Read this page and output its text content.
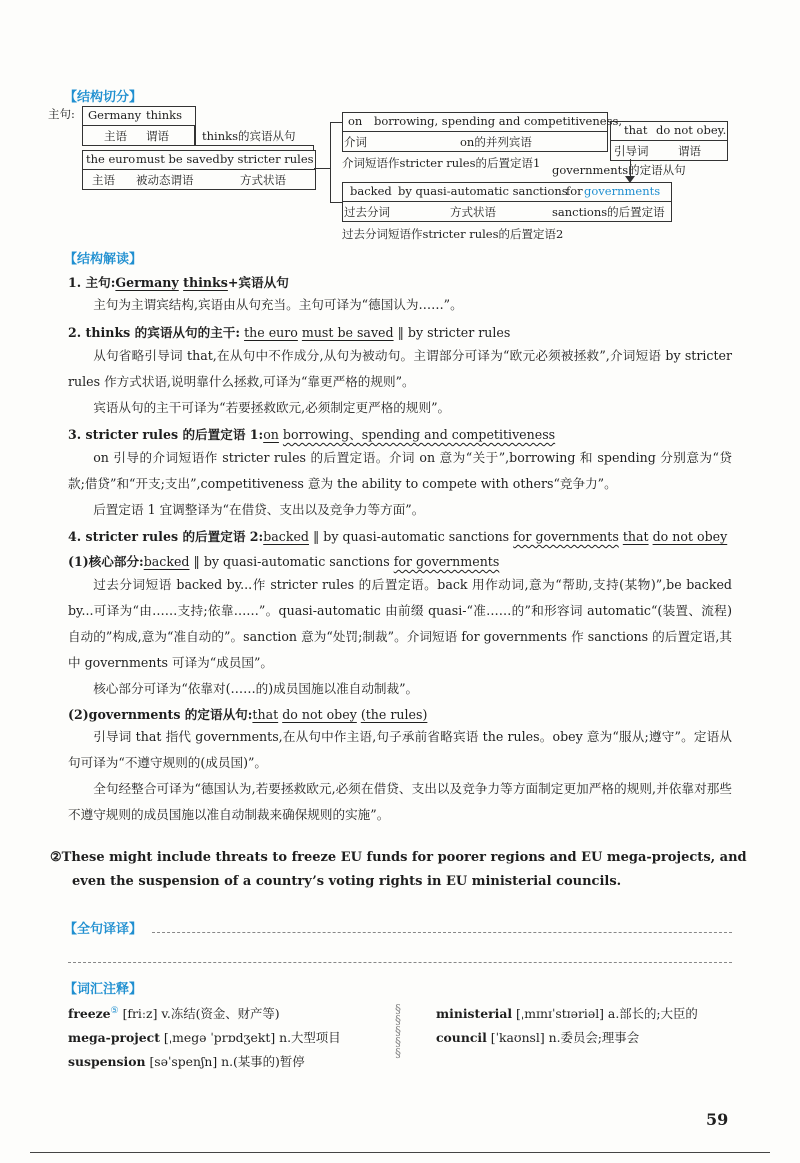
【结构切分】
主句: Germany thinks
主语 谓语	thinks的宾语从句
the euro must be saved by stricter rules
主语 被动态谓语	方式状语
on borrowing, spending and competitiveness,
介词	on的并列宾语
介词短语作stricter rules的后置定语1
that do not obey.
引导词	谓语
governments的定语从句
backed by quasi-automatic sanctions
for governments
过去分词	方式状语	sanctions的后置定语
过去分词短语作stricter rules的后置定语2
【结构解读】
1. 主句:Germany thinks+宾语从句
主句为主谓宾结构,宾语由从句充当。主句可译为“德国认为……”。
2. thinks 的宾语从句的主干: the euro must be saved ‖ by stricter rules
从句省略引导词 that,在从句中不作成分,从句为被动句。主谓部分可译为“欧元必须被拯救”,介词短语 by stricter rules 作方式状语,说明靠什么拯救,可译为“靠更严格的规则”。
宾语从句的主干可译为“若要拯救欧元,必须制定更严格的规则”。
3. stricter rules 的后置定语 1:on borrowing、spending and competitiveness
on 引导的介词短语作 stricter rules 的后置定语。介词 on 意为“关于”,borrowing 和 spending 分别意为“贷款;借贷”和“开支;支出”,competitiveness 意为 the ability to compete with others“竞争力”。
后置定语 1 宜调整译为“在借贷、支出以及竞争力等方面”。
4. stricter rules 的后置定语 2:backed ‖ by quasi-automatic sanctions for governments that do not obey
(1)核心部分:backed ‖ by quasi-automatic sanctions for governments
过去分词短语 backed by...作 stricter rules 的后置定语。back 用作动词,意为“帮助,支持(某物)”,be backed by...可译为“由……支持;依靠……”。quasi-automatic 由前缀 quasi-“准……的”和形容词 automatic“(装置、流程)自动的”构成,意为“准自动的”。sanction 意为“处罚;制裁”。介词短语 for governments 作 sanctions 的后置定语,其中 governments 可译为“成员国”。
核心部分可译为“依靠对(……的)成员国施以准自动制裁”。
(2)governments 的定语从句:that do not obey (the rules)
引导词 that 指代 governments,在从句中作主语,句子承前省略宾语 the rules。obey 意为“服从;遵守”。定语从句可译为“不遵守规则的(成员国)”。
全句经整合可译为“德国认为,若要拯救欧元,必须在借贷、支出以及竞争力等方面制定更加严格的规则,并依靠对那些不遵守规则的成员国施以准自动制裁来确保规则的实施”。
②These might include threats to freeze EU funds for poorer regions and EU mega-projects, and
even the suspension of a country’s voting rights in EU ministerial councils.
【全句译译】
【词汇注释】
freeze⑤ [friːz] v.冻结(资金、财产等)
mega-project [ˌmegə ˈprɒdʒekt] n.大型项目
suspension [səˈspenʃn] n.(某事的)暂停
§
§
§
§
§
ministerial [ˌmɪnɪˈstɪəriəl] a.部长的;大臣的
council [ˈkaʊnsl] n.委员会;理事会
59
